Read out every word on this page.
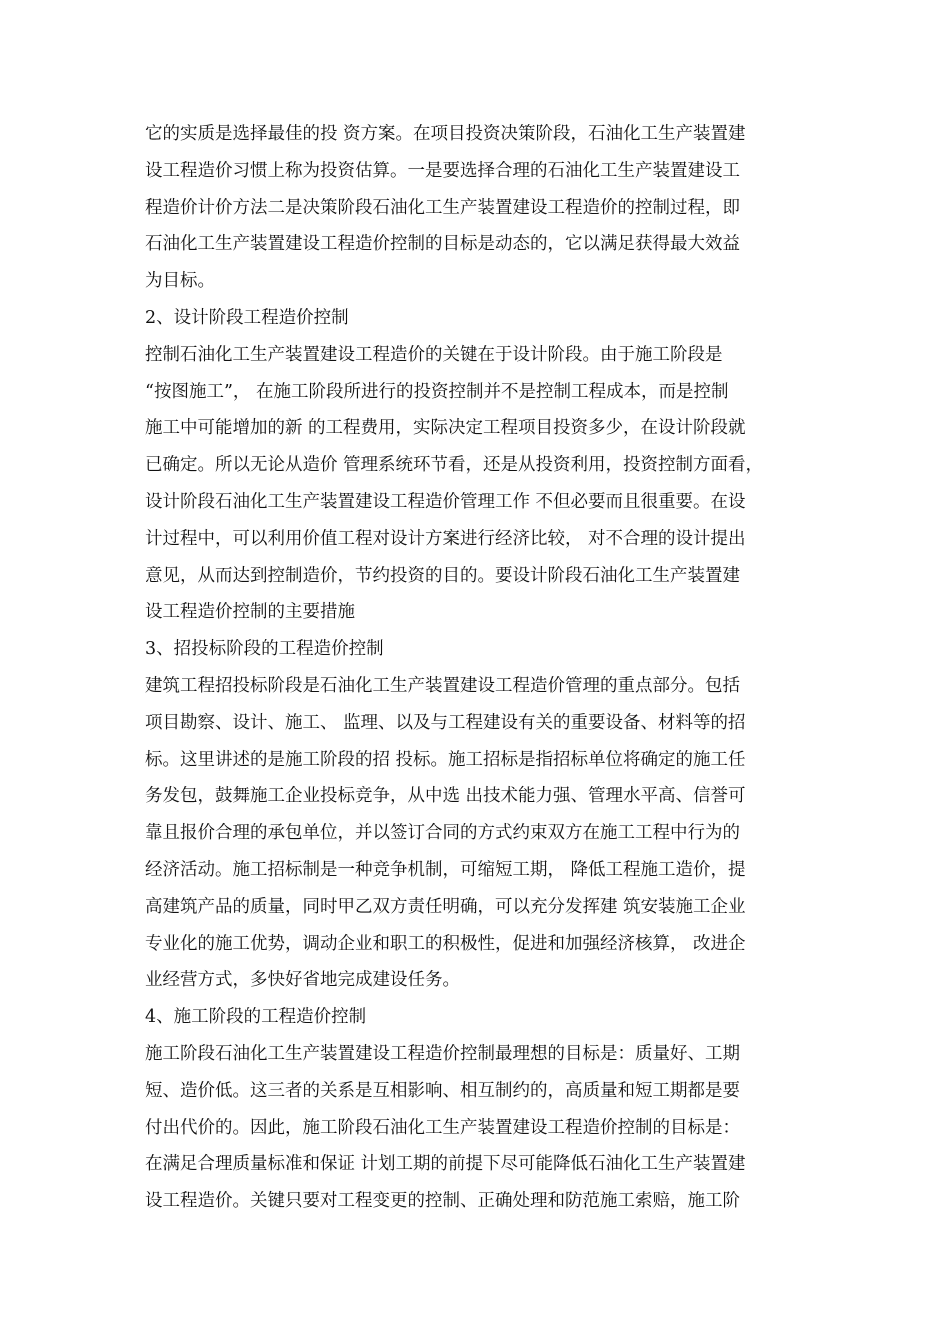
它的实质是选择最佳的投 资方案。在项目投资决策阶段，石油化工生产装置建
设工程造价习惯上称为投资估算。一是要选择合理的石油化工生产装置建设工
程造价计价方法二是决策阶段石油化工生产装置建设工程造价的控制过程，即
石油化工生产装置建设工程造价控制的目标是动态的，它以满足获得最大效益
为目标。
2、设计阶段工程造价控制
控制石油化工生产装置建设工程造价的关键在于设计阶段。由于施工阶段是
“按图施工”， 在施工阶段所进行的投资控制并不是控制工程成本，而是控制
施工中可能增加的新 的工程费用，实际决定工程项目投资多少，在设计阶段就
已确定。所以无论从造价 管理系统环节看，还是从投资利用，投资控制方面看，
设计阶段石油化工生产装置建设工程造价管理工作 不但必要而且很重要。在设
计过程中，可以利用价值工程对设计方案进行经济比较， 对不合理的设计提出
意见，从而达到控制造价，节约投资的目的。要设计阶段石油化工生产装置建
设工程造价控制的主要措施
3、招投标阶段的工程造价控制
建筑工程招投标阶段是石油化工生产装置建设工程造价管理的重点部分。包括
项目勘察、设计、施工、 监理、以及与工程建设有关的重要设备、材料等的招
标。这里讲述的是施工阶段的招 投标。施工招标是指招标单位将确定的施工任
务发包，鼓舞施工企业投标竞争，从中选 出技术能力强、管理水平高、信誉可
靠且报价合理的承包单位，并以签订合同的方式约束双方在施工工程中行为的
经济活动。施工招标制是一种竞争机制，可缩短工期， 降低工程施工造价，提
高建筑产品的质量，同时甲乙双方责任明确，可以充分发挥建 筑安装施工企业
专业化的施工优势，调动企业和职工的积极性，促进和加强经济核算， 改进企
业经营方式，多快好省地完成建设任务。
4、施工阶段的工程造价控制
施工阶段石油化工生产装置建设工程造价控制最理想的目标是：质量好、工期
短、造价低。这三者的关系是互相影响、相互制约的，高质量和短工期都是要
付出代价的。因此，施工阶段石油化工生产装置建设工程造价控制的目标是：
在满足合理质量标准和保证 计划工期的前提下尽可能降低石油化工生产装置建
设工程造价。关键只要对工程变更的控制、正确处理和防范施工索赔，施工阶
